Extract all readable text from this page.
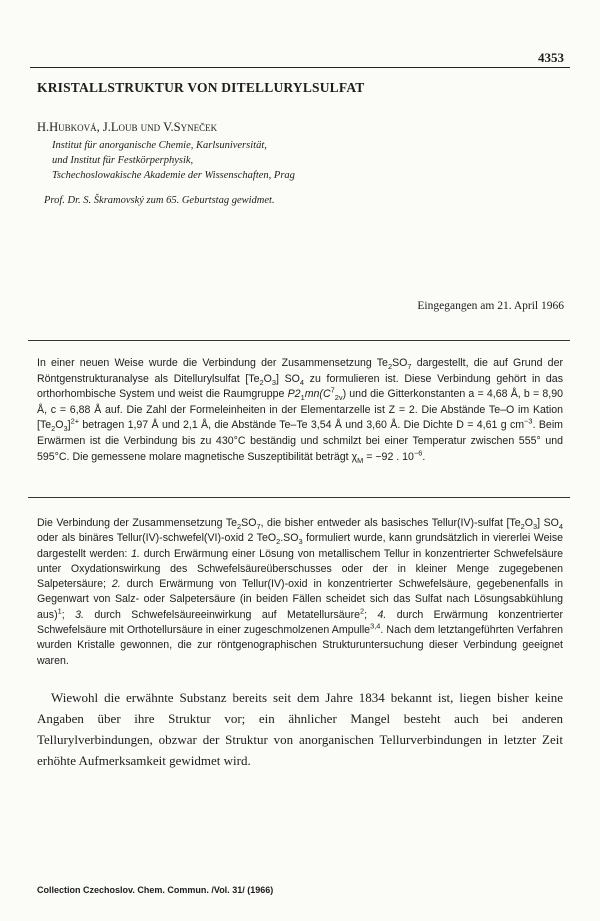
4353
KRISTALLSTRUKTUR VON DITELLURYLSULFAT
H.Hubková, J.Loub und V.Syneček
Institut für anorganische Chemie, Karlsuniversität,
und Institut für Festkörperphysik,
Tschechoslowakische Akademie der Wissenschaften, Prag
Prof. Dr. S. Škramovský zum 65. Geburtstag gewidmet.
Eingegangen am 21. April 1966
In einer neuen Weise wurde die Verbindung der Zusammensetzung $Te_2SO_7$ dargestellt, die auf Grund der Röntgenstrukturanalyse als Ditellurylsulfat $[Te_2O_3]$ $SO_4$ zu formulieren ist. Diese Verbindung gehört in das orthorhombische System und weist die Raumgruppe $P2_1mn(C^7_{2v})$ und die Gitterkonstanten a = 4,68 Å, b = 8,90 Å, c = 6,88 Å auf. Die Zahl der Formeleinheiten in der Elementarzelle ist Z = 2. Die Abstände Te–O im Kation $[Te_2O_3]^{2+}$ betragen 1,97 Å und 2,1 Å, die Abstände Te–Te 3,54 Å und 3,60 Å. Die Dichte D = 4,61 g $cm^{-3}$. Beim Erwärmen ist die Verbindung bis zu 430°C beständig und schmilzt bei einer Temperatur zwischen 555° und 595°C. Die gemessene molare magnetische Suszeptibilität beträgt $\chi_M = -92$ . $10^{-6}$.
Die Verbindung der Zusammensetzung $Te_2SO_7$, die bisher entweder als basisches Tellur(IV)-sulfat $[Te_2O_3]$ $SO_4$ oder als binäres Tellur(IV)-schwefel(VI)-oxid 2 $TeO_2.SO_3$ formuliert wurde, kann grundsätzlich in viererlei Weise dargestellt werden: 1. durch Erwärmung einer Lösung von metallischem Tellur in konzentrierter Schwefelsäure unter Oxydationswirkung des Schwefelsäureüberschusses oder der in kleiner Menge zugegebenen Salpetersäure; 2. durch Erwärmung von Tellur(IV)-oxid in konzentrierter Schwefelsäure, gegebenenfalls in Gegenwart von Salz- oder Salpetersäure (in beiden Fällen scheidet sich das Sulfat nach Lösungsabkühlung aus)$^1$; 3. durch Schwefelsäureeinwirkung auf Metatellursäure$^2$; 4. durch Erwärmung konzentrierter Schwefelsäure mit Orthotellursäure in einer zugeschmolzenen Ampulle$^{3,4}$. Nach dem letztangeführten Verfahren wurden Kristalle gewonnen, die zur röntgenographischen Strukturuntersuchung dieser Verbindung geeignet waren.
Wiewohl die erwähnte Substanz bereits seit dem Jahre 1834 bekannt ist, liegen bisher keine Angaben über ihre Struktur vor; ein ähnlicher Mangel besteht auch bei anderen Tellurylverbindungen, obzwar der Struktur von anorganischen Tellurverbindungen in letzter Zeit erhöhte Aufmerksamkeit gewidmet wird.
Collection Czechoslov. Chem. Commun. /Vol. 31/ (1966)
